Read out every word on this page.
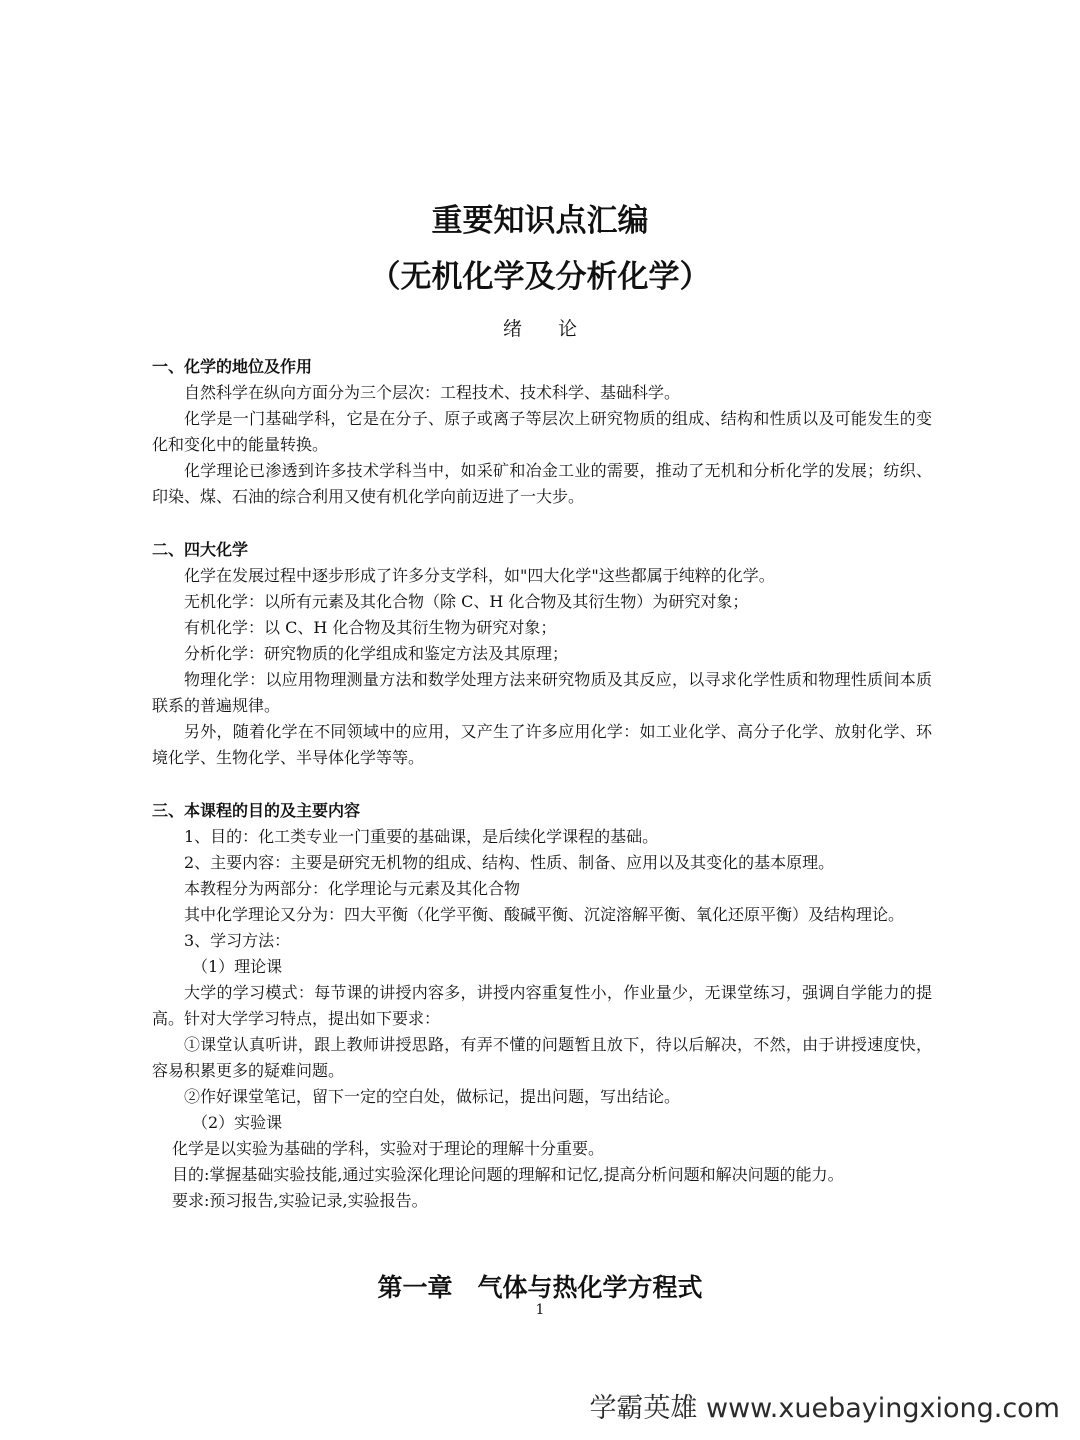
重要知识点汇编
（无机化学及分析化学）
绪论
一、化学的地位及作用

自然科学在纵向方面分为三个层次：工程技术、技术科学、基础科学。

化学是一门基础学科，它是在分子、原子或离子等层次上研究物质的组成、结构和性质以及可能发生的变化和变化中的能量转换。

化学理论已渗透到许多技术学科当中，如采矿和冶金工业的需要，推动了无机和分析化学的发展；纺织、印染、煤、石油的综合利用又使有机化学向前迈进了一大步。

二、四大化学

化学在发展过程中逐步形成了许多分支学科，如"四大化学"这些都属于纯粹的化学。

无机化学：以所有元素及其化合物（除 C、H 化合物及其衍生物）为研究对象；

有机化学：以 C、H 化合物及其衍生物为研究对象；

分析化学：研究物质的化学组成和鉴定方法及其原理；

物理化学：以应用物理测量方法和数学处理方法来研究物质及其反应，以寻求化学性质和物理性质间本质联系的普遍规律。

另外，随着化学在不同领域中的应用，又产生了许多应用化学：如工业化学、高分子化学、放射化学、环境化学、生物化学、半导体化学等等。

三、本课程的目的及主要内容

1、目的：化工类专业一门重要的基础课，是后续化学课程的基础。

2、主要内容：主要是研究无机物的组成、结构、性质、制备、应用以及其变化的基本原理。

本教程分为两部分：化学理论与元素及其化合物

其中化学理论又分为：四大平衡（化学平衡、酸碱平衡、沉淀溶解平衡、氧化还原平衡）及结构理论。

3、学习方法：

（1）理论课

大学的学习模式：每节课的讲授内容多，讲授内容重复性小，作业量少，无课堂练习，强调自学能力的提高。针对大学学习特点，提出如下要求：

①课堂认真听讲，跟上教师讲授思路，有弄不懂的问题暂且放下，待以后解决，不然，由于讲授速度快，容易积累更多的疑难问题。

②作好课堂笔记，留下一定的空白处，做标记，提出问题，写出结论。

（2）实验课

化学是以实验为基础的学科，实验对于理论的理解十分重要。

目的:掌握基础实验技能,通过实验深化理论问题的理解和记忆,提高分析问题和解决问题的能力。

要求:预习报告,实验记录,实验报告。

第一章　气体与热化学方程式
1
学霸英雄 www.xuebayingxiong.com
